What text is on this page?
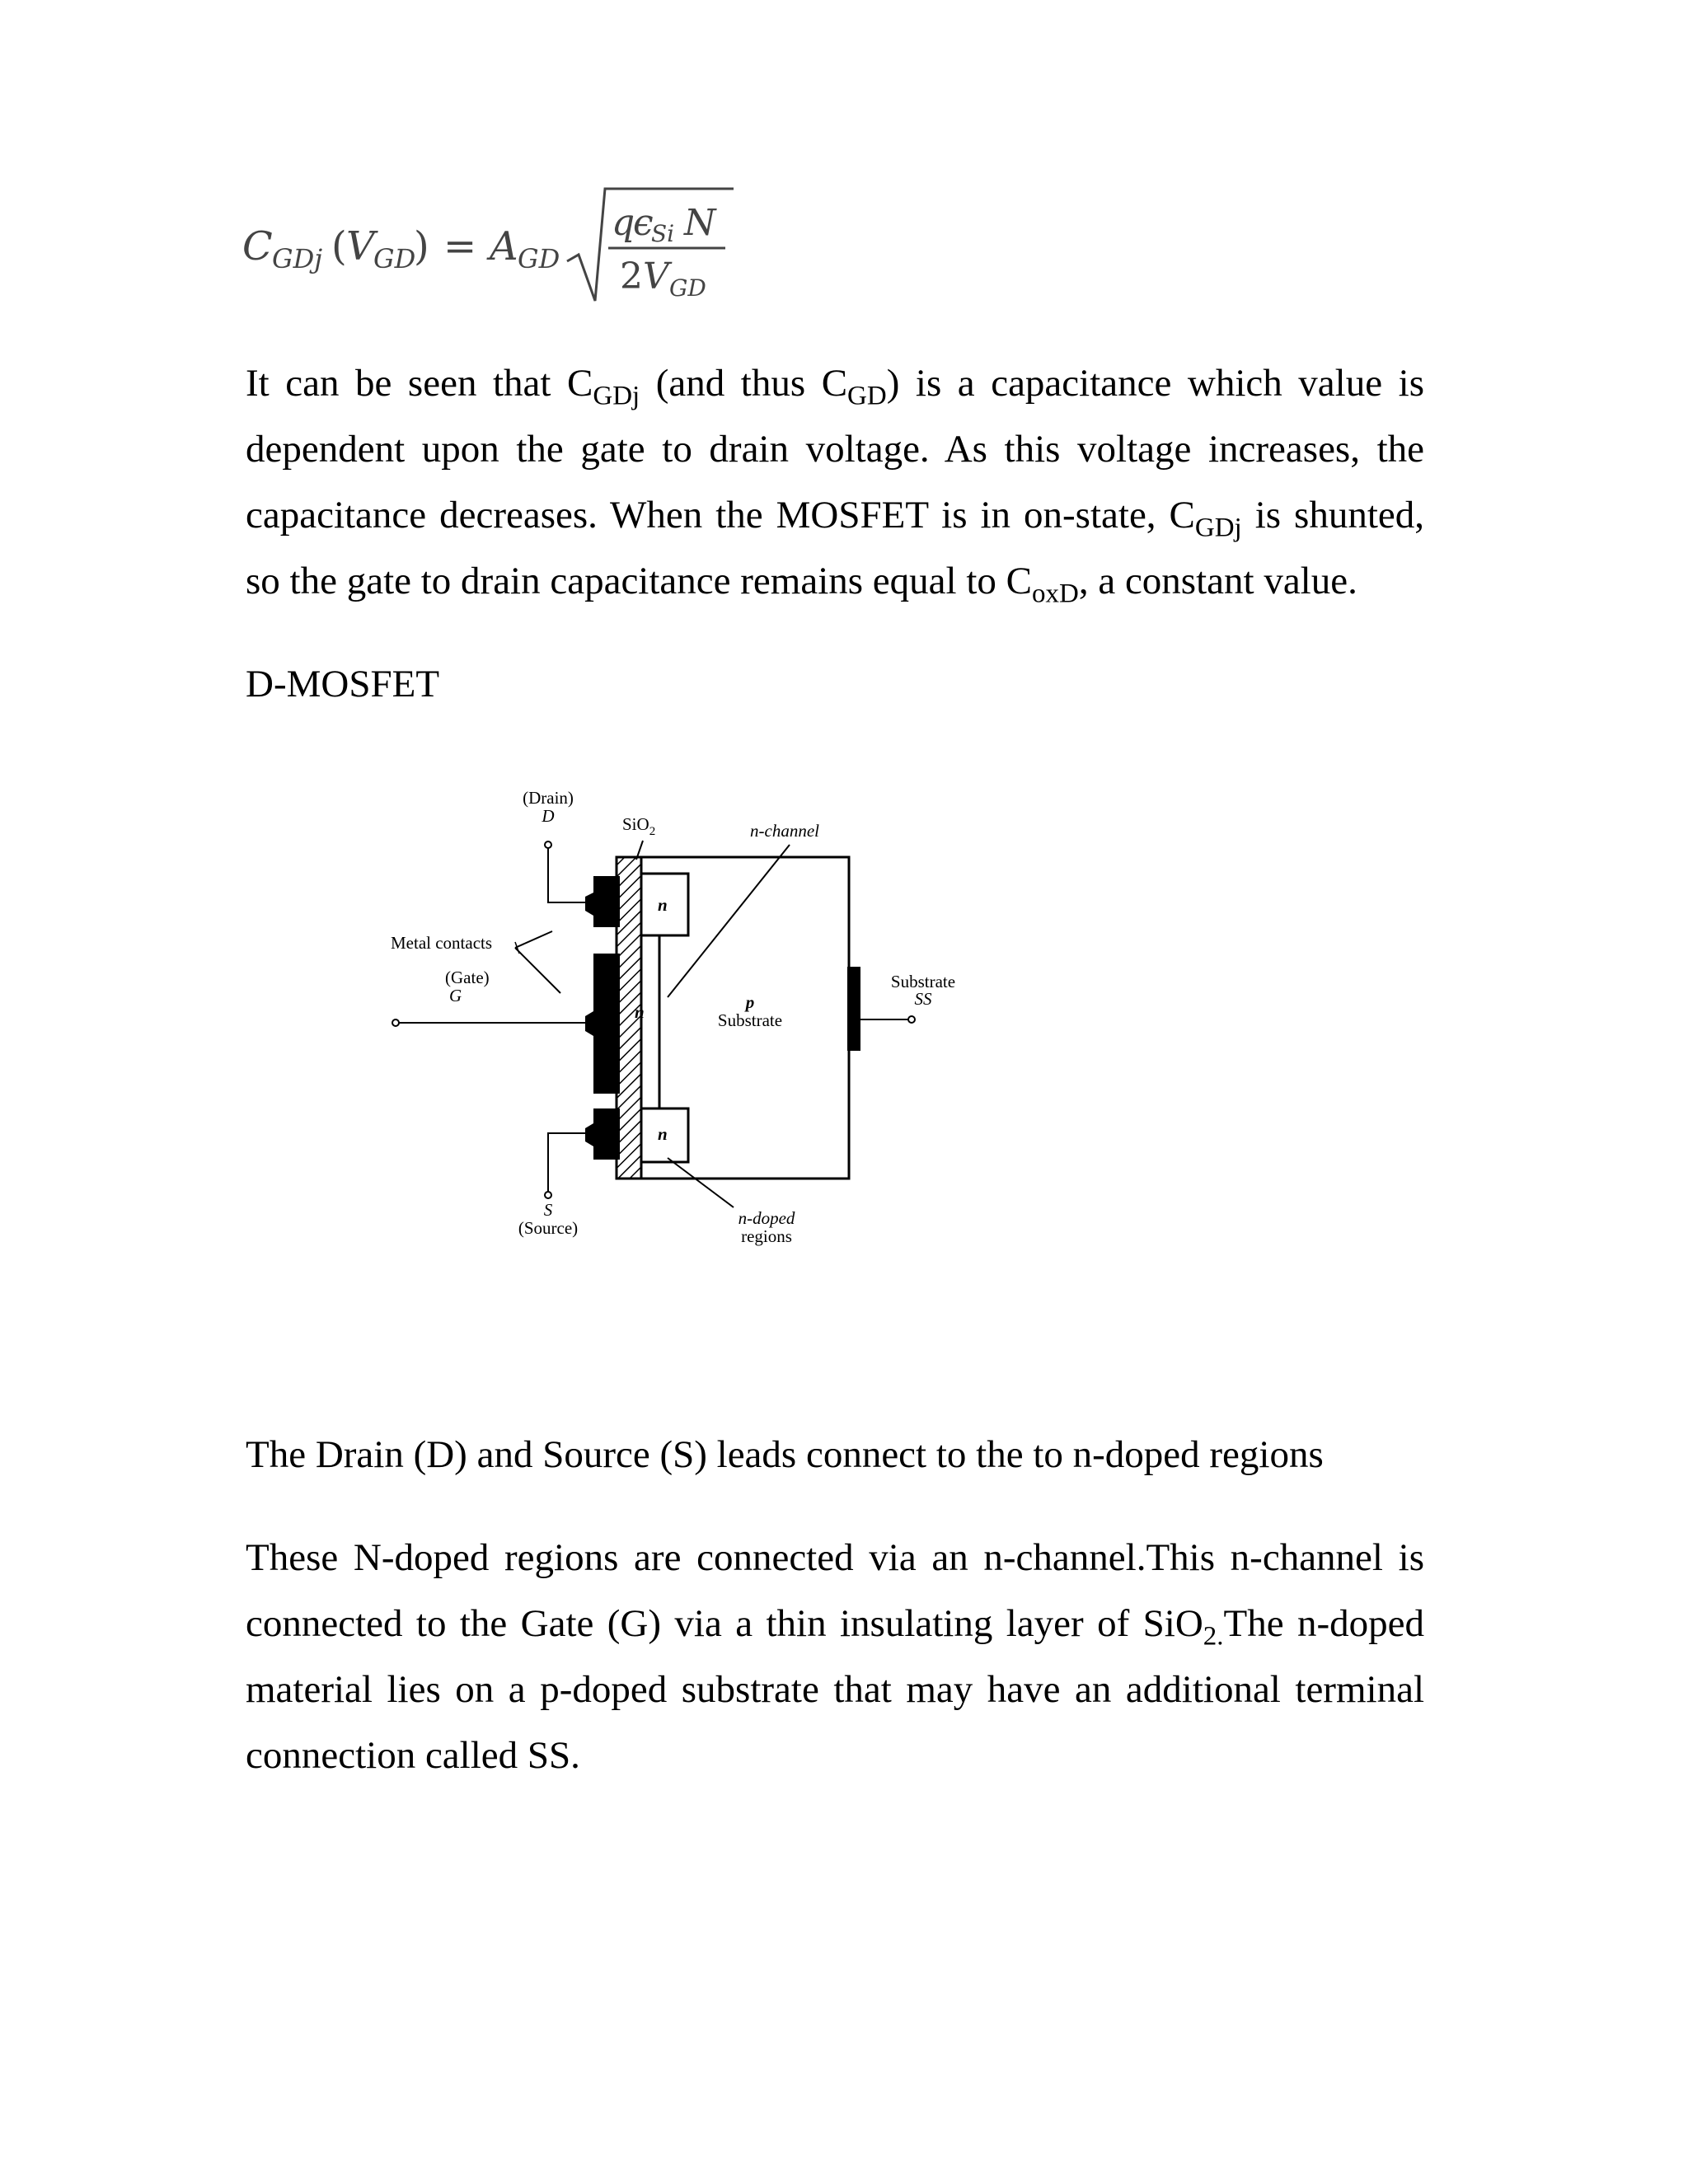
C GDj ( V
GD
) = A GD
q
ϵ
Si N
2 V GD

It can be seen that $C_{GDj}$ (and thus $C_{GD}$) is a capacitance which value is dependent upon the gate to drain voltage. As this voltage increases, the capacitance decreases. When the MOSFET is in on-state, $C_{GDj}$ is shunted, so the gate to drain capacitance remains equal to $C_{oxD}$, a constant value.

D-MOSFET

(Drain)
D	SiO$_2$	n-channel
Metal contacts
(Gate)
G
n
n
n
p
Substrate
Substrate
SS
n-doped
regions
S
(Source)

The Drain (D) and Source (S) leads connect to the to n-doped regions

These N-doped regions are connected via an n-channel.This n-channel is connected to the Gate (G) via a thin insulating layer of SiO$_{2.}$The n-doped material lies on a p-doped substrate that may have an additional terminal connection called SS.
